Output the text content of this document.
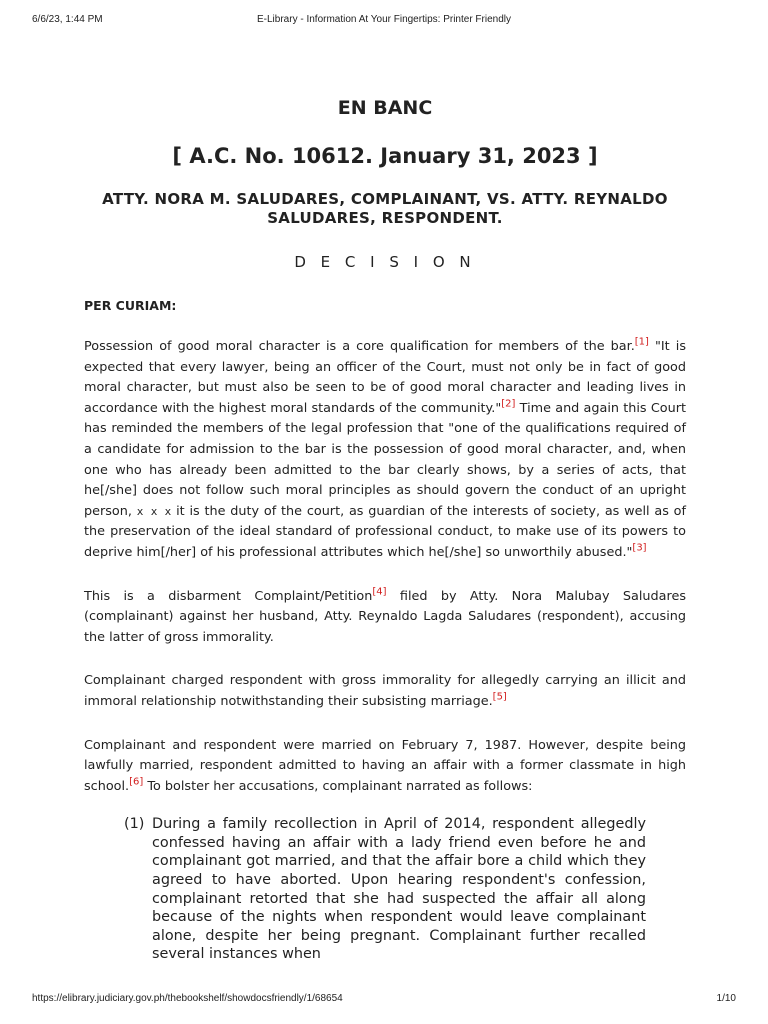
6/6/23, 1:44 PM	E-Library - Information At Your Fingertips: Printer Friendly
EN BANC
[ A.C. No. 10612. January 31, 2023 ]
ATTY. NORA M. SALUDARES, COMPLAINANT, VS. ATTY. REYNALDO SALUDARES, RESPONDENT.
D E C I S I O N
PER CURIAM:

Possession of good moral character is a core qualification for members of the bar.[1] "It is expected that every lawyer, being an officer of the Court, must not only be in fact of good moral character, but must also be seen to be of good moral character and leading lives in accordance with the highest moral standards of the community."[2] Time and again this Court has reminded the members of the legal profession that "one of the qualifications required of a candidate for admission to the bar is the possession of good moral character, and, when one who has already been admitted to the bar clearly shows, by a series of acts, that he[/she] does not follow such moral principles as should govern the conduct of an upright person, x x x it is the duty of the court, as guardian of the interests of society, as well as of the preservation of the ideal standard of professional conduct, to make use of its powers to deprive him[/her] of his professional attributes which he[/she] so unworthily abused."[3]

This is a disbarment Complaint/Petition[4] filed by Atty. Nora Malubay Saludares (complainant) against her husband, Atty. Reynaldo Lagda Saludares (respondent), accusing the latter of gross immorality.

Complainant charged respondent with gross immorality for allegedly carrying an illicit and immoral relationship notwithstanding their subsisting marriage.[5]

Complainant and respondent were married on February 7, 1987. However, despite being lawfully married, respondent admitted to having an affair with a former classmate in high school.[6] To bolster her accusations, complainant narrated as follows:

(1) During a family recollection in April of 2014, respondent allegedly confessed having an affair with a lady friend even before he and complainant got married, and that the affair bore a child which they agreed to have aborted. Upon hearing respondent's confession, complainant retorted that she had suspected the affair all along because of the nights when respondent would leave complainant alone, despite her being pregnant. Complainant further recalled several instances when
https://elibrary.judiciary.gov.ph/thebookshelf/showdocsfriendly/1/68654	1/10
